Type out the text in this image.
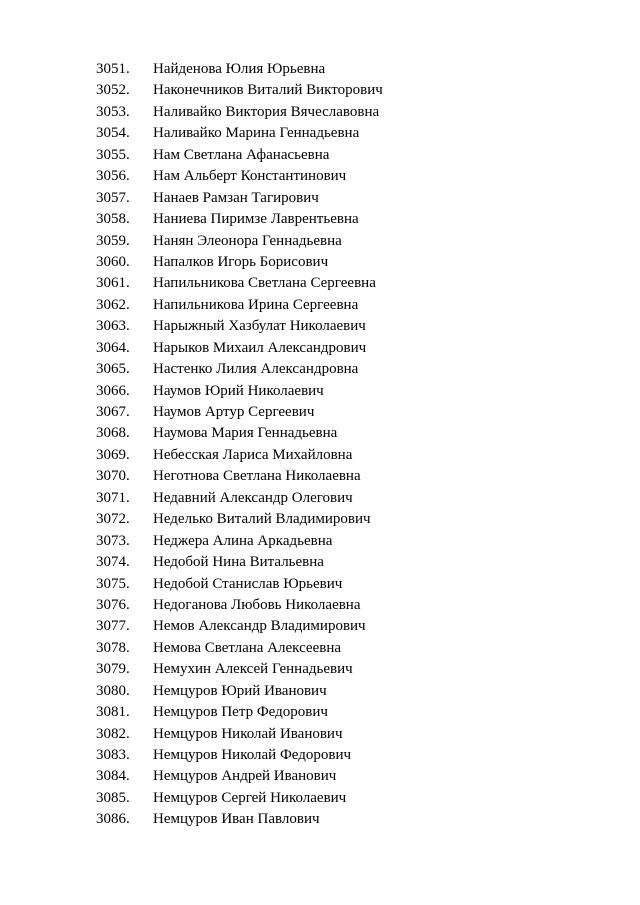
3051. Найденова Юлия Юрьевна
3052. Наконечников Виталий Викторович
3053. Наливайко Виктория Вячеславовна
3054. Наливайко Марина Геннадьевна
3055. Нам Светлана Афанасьевна
3056. Нам Альберт Константинович
3057. Нанаев Рамзан Тагирович
3058. Наниева Пиримзе Лаврентьевна
3059. Нанян Элеонора Геннадьевна
3060. Напалков Игорь Борисович
3061. Напильникова Светлана Сергеевна
3062. Напильникова Ирина Сергеевна
3063. Нарыжный Хазбулат Николаевич
3064. Нарыков Михаил Александрович
3065. Настенко Лилия Александровна
3066. Наумов Юрий Николаевич
3067. Наумов Артур Сергеевич
3068. Наумова Мария Геннадьевна
3069. Небесская Лариса Михайловна
3070. Неготнова Светлана Николаевна
3071. Недавний Александр Олегович
3072. Неделько Виталий Владимирович
3073. Неджера Алина Аркадьевна
3074. Недобой Нина Витальевна
3075. Недобой Станислав Юрьевич
3076. Недоганова Любовь Николаевна
3077. Немов Александр Владимирович
3078. Немова Светлана Алексеевна
3079. Немухин Алексей Геннадьевич
3080. Немцуров Юрий Иванович
3081. Немцуров Петр Федорович
3082. Немцуров Николай Иванович
3083. Немцуров Николай Федорович
3084. Немцуров Андрей Иванович
3085. Немцуров Сергей Николаевич
3086. Немцуров Иван Павлович
